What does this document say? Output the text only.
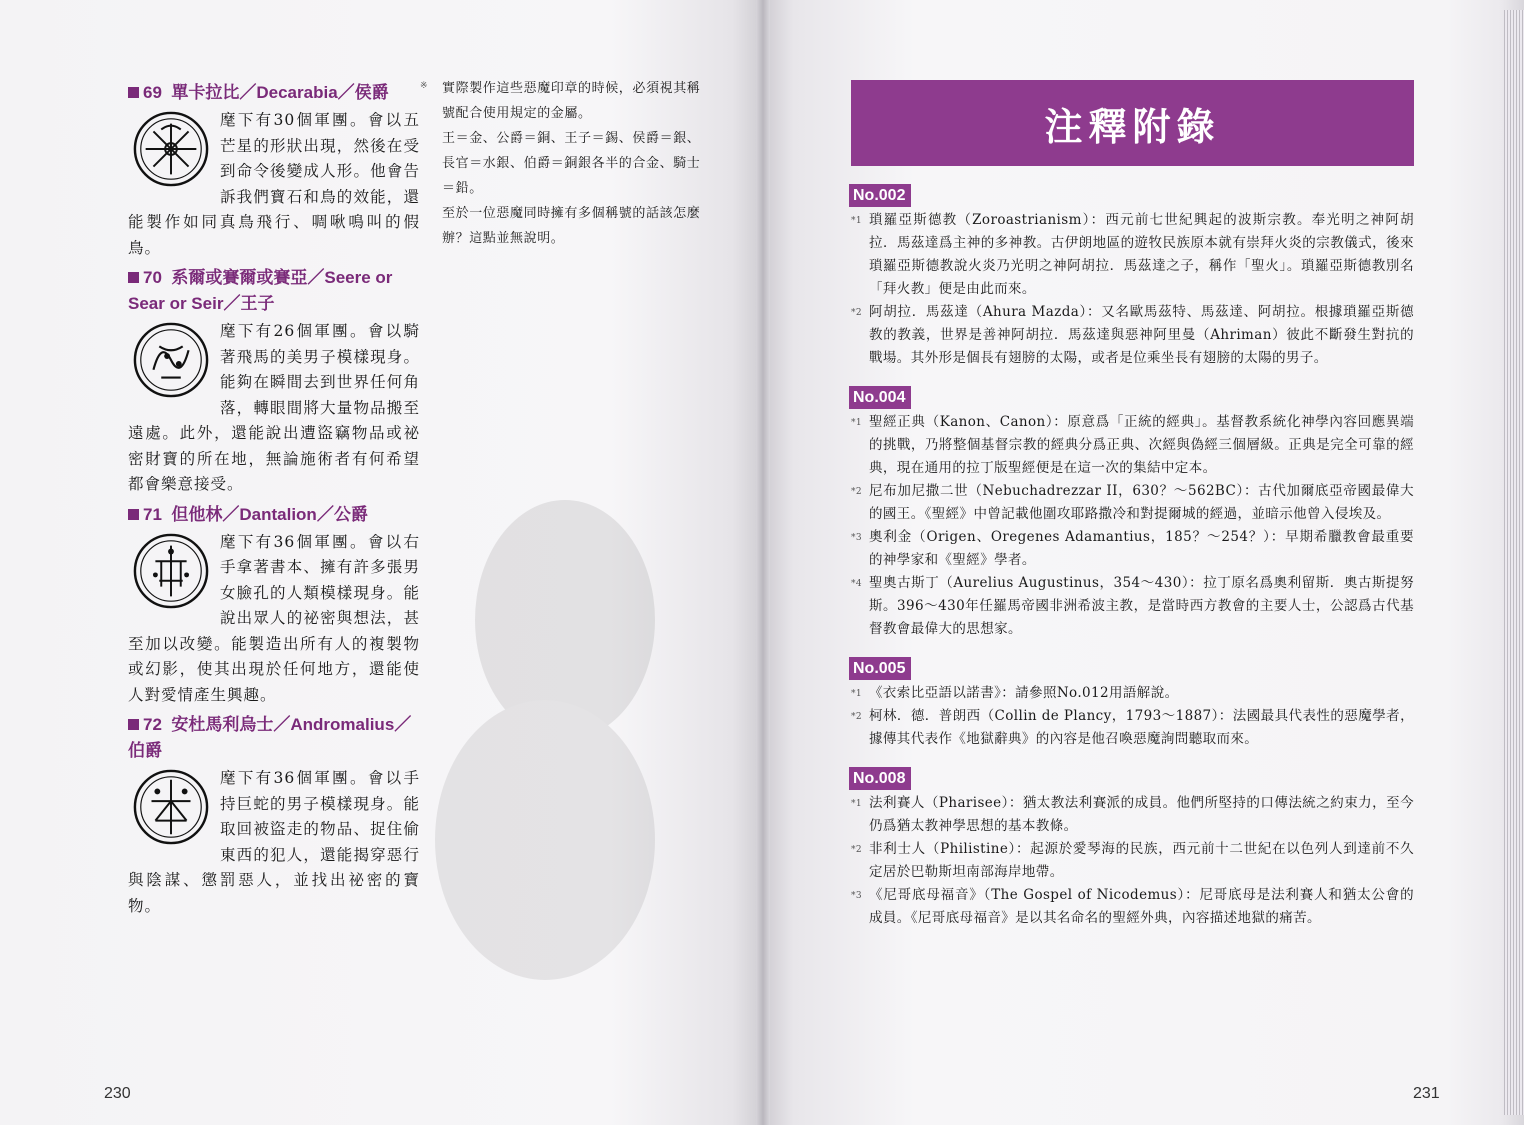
69 單卡拉比／Decarabia／侯爵
麾下有30個軍團。會以五芒星的形狀出現，然後在受到命令後變成人形。他會告訴我們寶石和鳥的效能，還能製作如同真鳥飛行、啁啾鳴叫的假鳥。
70 系爾或賽爾或賽亞／Seere or Sear or Seir／王子
麾下有26個軍團。會以騎著飛馬的美男子模樣現身。能夠在瞬間去到世界任何角落，轉眼間將大量物品搬至遠處。此外，還能說出遭盜竊物品或祕密財寶的所在地，無論施術者有何希望都會樂意接受。
71 但他林／Dantalion／公爵
麾下有36個軍團。會以右手拿著書本、擁有許多張男女臉孔的人類模樣現身。能說出眾人的祕密與想法，甚至加以改變。能製造出所有人的複製物或幻影，使其出現於任何地方，還能使人對愛情產生興趣。
72 安杜馬利烏士／Andromalius／伯爵
麾下有36個軍團。會以手持巨蛇的男子模樣現身。能取回被盜走的物品、捉住偷東西的犯人，還能揭穿惡行與陰謀、懲罰惡人，並找出祕密的寶物。
※ 實際製作這些惡魔印章的時候，必須視其稱號配合使用規定的金屬。

王＝金、公爵＝銅、王子＝錫、侯爵＝銀、長官＝水銀、伯爵＝銅銀各半的合金、騎士＝鉛。

至於一位惡魔同時擁有多個稱號的話該怎麼辦？這點並無說明。

230
注釋附錄
No.002
*1 瑣羅亞斯德教（Zoroastrianism）：西元前七世紀興起的波斯宗教。奉光明之神阿胡拉．馬茲達爲主神的多神教。古伊朗地區的遊牧民族原本就有崇拜火炎的宗教儀式，後來瑣羅亞斯德教說火炎乃光明之神阿胡拉．馬茲達之子，稱作「聖火」。瑣羅亞斯德教別名「拜火教」便是由此而來。
*2 阿胡拉．馬茲達（Ahura Mazda）：又名歐馬茲特、馬茲達、阿胡拉。根據瑣羅亞斯德教的教義，世界是善神阿胡拉．馬茲達與惡神阿里曼（Ahriman）彼此不斷發生對抗的戰場。其外形是個長有翅膀的太陽，或者是位乘坐長有翅膀的太陽的男子。
No.004
*1 聖經正典（Kanon、Canon）：原意爲「正統的經典」。基督教系統化神學內容回應異端的挑戰，乃將整個基督宗教的經典分爲正典、次經與偽經三個層級。正典是完全可靠的經典，現在通用的拉丁版聖經便是在這一次的集結中定本。
*2 尼布加尼撒二世（Nebuchadrezzar II，630？～562BC）：古代加爾底亞帝國最偉大的國王。《聖經》中曾記載他圍攻耶路撒冷和對提爾城的經過，並暗示他曾入侵埃及。
*3 奧利金（Origen、Oregenes Adamantius，185？～254？）：早期希臘教會最重要的神學家和《聖經》學者。
*4 聖奧古斯丁（Aurelius Augustinus，354～430）：拉丁原名爲奧利留斯．奧古斯提努斯。396～430年任羅馬帝國非洲希波主教，是當時西方教會的主要人士，公認爲古代基督教會最偉大的思想家。
No.005
*1 《衣索比亞語以諾書》：請參照No.012用語解說。
*2 柯林．德．普朗西（Collin de Plancy，1793～1887）：法國最具代表性的惡魔學者，據傳其代表作《地獄辭典》的內容是他召喚惡魔詢問聽取而來。
No.008
*1 法利賽人（Pharisee）：猶太教法利賽派的成員。他們所堅持的口傳法統之約束力，至今仍爲猶太教神學思想的基本教條。
*2 非利士人（Philistine）：起源於愛琴海的民族，西元前十二世紀在以色列人到達前不久定居於巴勒斯坦南部海岸地帶。
*3 《尼哥底母福音》（The Gospel of Nicodemus）：尼哥底母是法利賽人和猶太公會的成員。《尼哥底母福音》是以其名命名的聖經外典，內容描述地獄的痛苦。
231
